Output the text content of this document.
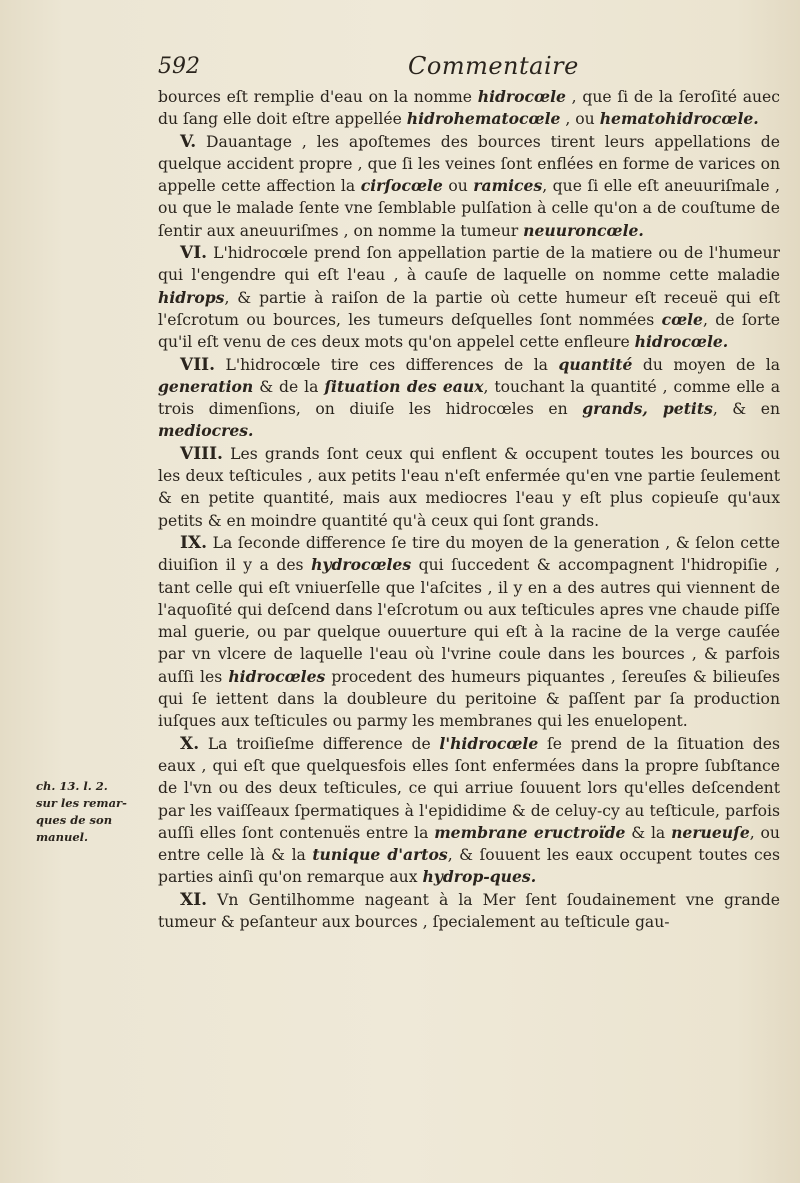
592	Commentaire
ch. 13. l. 2.
sur les remar-
ques de son
manuel.

bources eſt remplie d'eau on la nomme hidrocœle , que ſi de la ſeroſité auec du ſang elle doit eſtre appellée hidrohematocœle , ou hematohidrocœle.

V. Dauantage , les apoſtemes des bources tirent leurs appellations de quelque accident propre , que ſi les veines ſont enflées en forme de varices on appelle cette affection la cirſocœle ou ramices, que ſi elle eſt aneuuriſmale , ou que le malade ſente vne ſemblable pulſation à celle qu'on a de couſtume de ſentir aux aneuuriſmes , on nomme la tumeur neuuroncœle.

VI. L'hidrocœle prend ſon appellation partie de la matiere ou de l'humeur qui l'engendre qui eſt l'eau , à cauſe de laquelle on nomme cette maladie hidrops, & partie à raiſon de la partie où cette humeur eſt receuë qui eſt l'eſcrotum ou bources, les tumeurs deſquelles ſont nommées cœle, de ſorte qu'il eſt venu de ces deux mots qu'on appelel cette enfleure hidrocœle.

VII. L'hidrocœle tire ces differences de la quantité du moyen de la generation & de la ſituation des eaux, touchant la quantité , comme elle a trois dimenſions, on diuiſe les hidrocœles en grands, petits, & en mediocres.

VIII. Les grands ſont ceux qui enflent & occupent toutes les bources ou les deux teſticules , aux petits l'eau n'eſt enfermée qu'en vne partie ſeulement & en petite quantité, mais aux mediocres l'eau y eſt plus copieuſe qu'aux petits & en moindre quantité qu'à ceux qui ſont grands.

IX. La ſeconde difference ſe tire du moyen de la generation , & ſelon cette diuiſion il y a des hydrocœles qui ſuccedent & accompagnent l'hidropiſie , tant celle qui eſt vniuerſelle que l'aſcites , il y en a des autres qui viennent de l'aquoſité qui deſcend dans l'eſcrotum ou aux teſticules apres vne chaude piſſe mal guerie, ou par quelque ouuerture qui eſt à la racine de la verge cauſée par vn vlcere de laquelle l'eau où l'vrine coule dans les bources , & parfois auſſi les hidrocœles procedent des humeurs piquantes , ſereuſes & bilieuſes qui ſe iettent dans la doubleure du peritoine & paſſent par ſa production iuſques aux teſticules ou parmy les membranes qui les enuelopent.

X. La troiſieſme difference de l'hidrocœle ſe prend de la ſituation des eaux , qui eſt que quelquesfois elles ſont enfermées dans la propre ſubſtance de l'vn ou des deux teſticules, ce qui arriue ſouuent lors qu'elles deſcendent par les vaiſſeaux ſpermatiques à l'epididime & de celuy-cy au teſticule, parfois auſſi elles ſont contenuës entre la membrane eructroïde & la nerueuſe, ou entre celle là & la tunique d'artos, & ſouuent les eaux occupent toutes ces parties ainſi qu'on remarque aux hydrop-ques.

XI. Vn Gentilhomme nageant à la Mer ſent ſoudainement vne grande tumeur & peſanteur aux bources , ſpecialement au teſticule gau-
